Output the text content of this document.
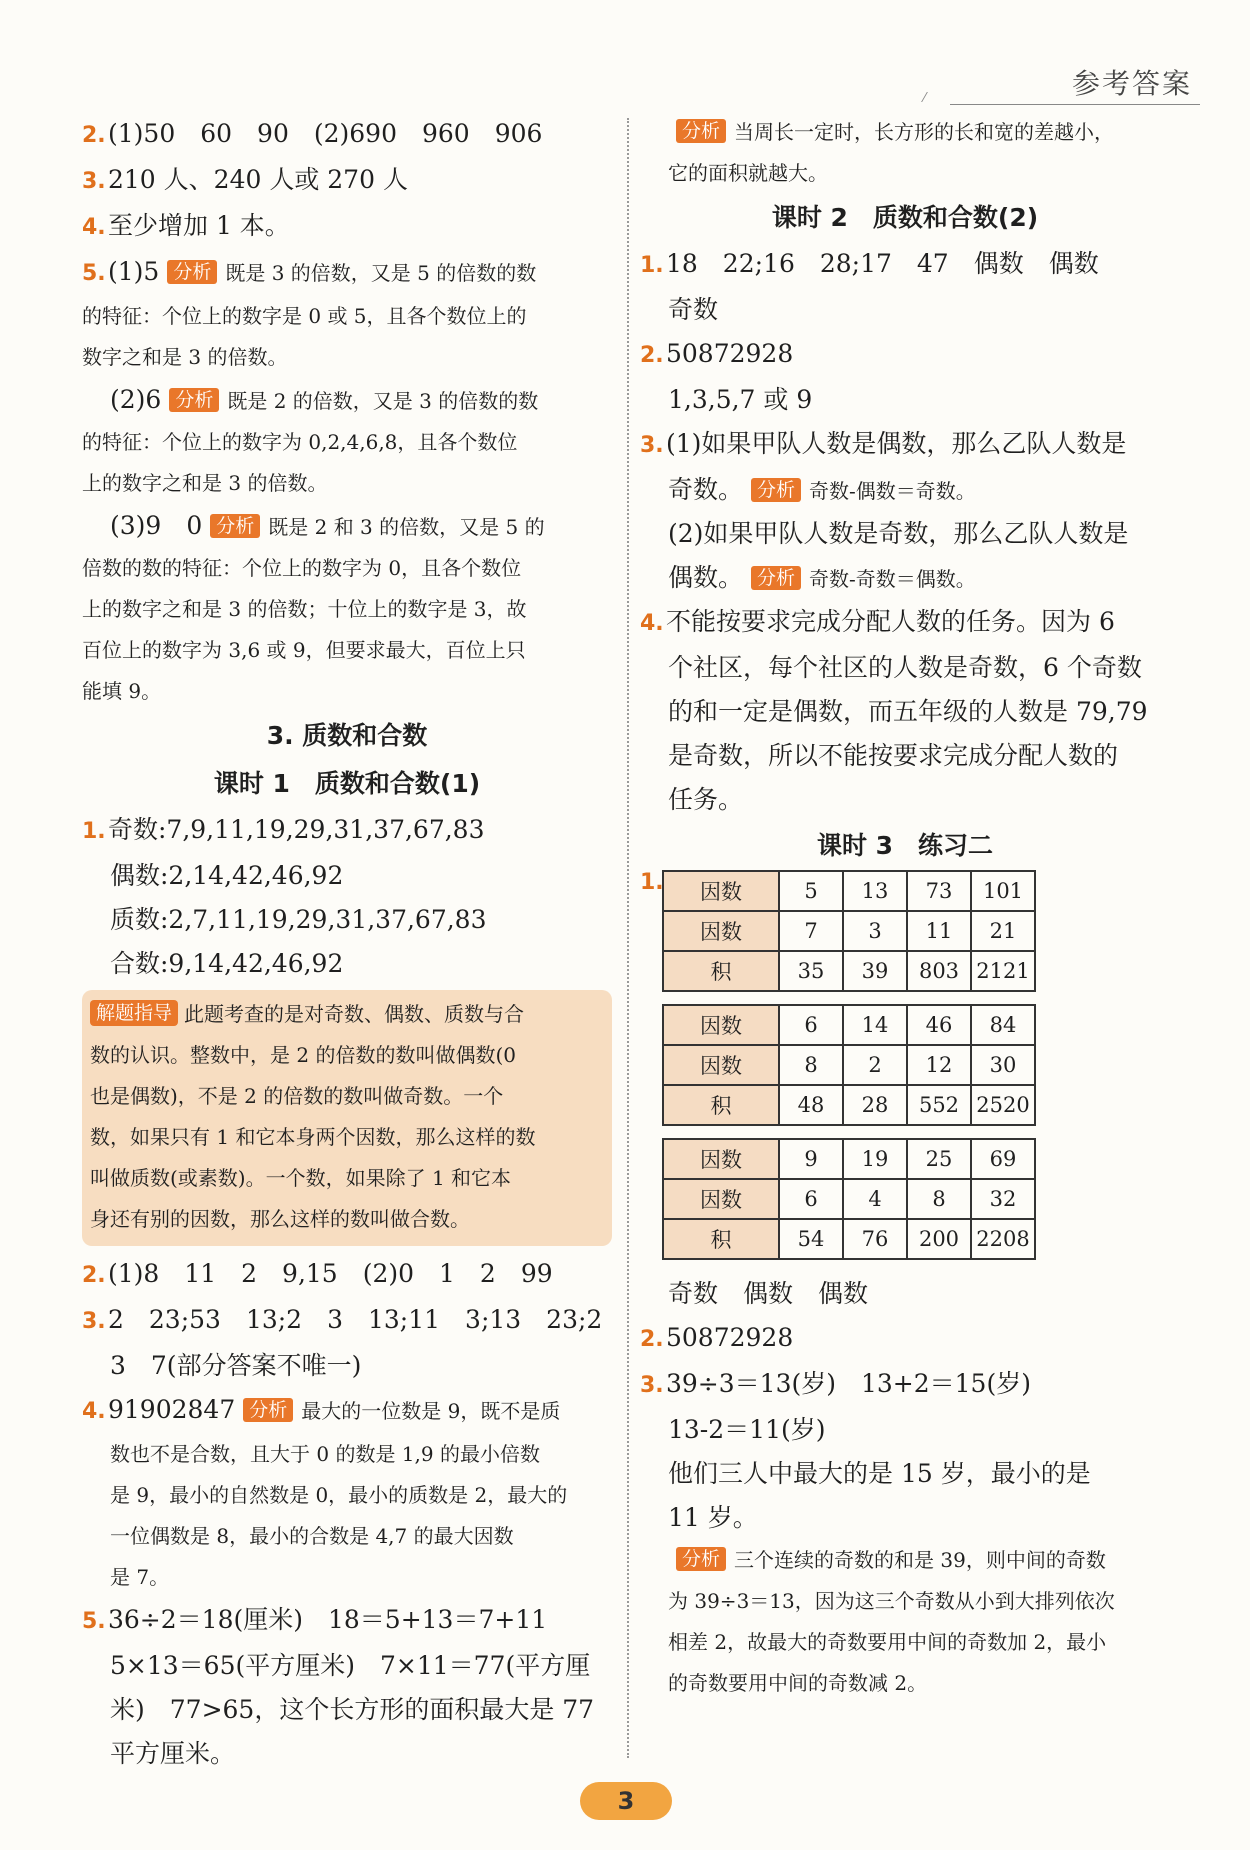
参考答案
2.(1)50　60　90　(2)690　960　906
3.210 人、240 人或 270 人
4.至少增加 1 本。
5.(1)5 分析 既是 3 的倍数，又是 5 的倍数的数
的特征：个位上的数字是 0 或 5，且各个数位上的
数字之和是 3 的倍数。
(2)6 分析 既是 2 的倍数，又是 3 的倍数的数
的特征：个位上的数字为 0,2,4,6,8，且各个数位
上的数字之和是 3 的倍数。
(3)9　0 分析 既是 2 和 3 的倍数，又是 5 的
倍数的数的特征：个位上的数字为 0，且各个数位
上的数字之和是 3 的倍数；十位上的数字是 3，故
百位上的数字为 3,6 或 9，但要求最大，百位上只
能填 9。
3. 质数和合数
课时 1　质数和合数(1)
1.奇数:7,9,11,19,29,31,37,67,83
偶数:2,14,42,46,92
质数:2,7,11,19,29,31,37,67,83
合数:9,14,42,46,92
解题指导 此题考查的是对奇数、偶数、质数与合
数的认识。整数中，是 2 的倍数的数叫做偶数(0
也是偶数)，不是 2 的倍数的数叫做奇数。一个
数，如果只有 1 和它本身两个因数，那么这样的数
叫做质数(或素数)。一个数，如果除了 1 和它本
身还有别的因数，那么这样的数叫做合数。
2.(1)8　11　2　9,15　(2)0　1　2　99
3.2　23;53　13;2　3　13;11　3;13　23;2
3　7(部分答案不唯一)
4.91902847 分析 最大的一位数是 9，既不是质
数也不是合数，且大于 0 的数是 1,9 的最小倍数
是 9，最小的自然数是 0，最小的质数是 2，最大的
一位偶数是 8，最小的合数是 4,7 的最大因数
是 7。
5.36÷2＝18(厘米)　18＝5+13＝7+11
5×13＝65(平方厘米)　7×11＝77(平方厘
米)　77>65，这个长方形的面积最大是 77
平方厘米。
分析 当周长一定时，长方形的长和宽的差越小，
它的面积就越大。
课时 2　质数和合数(2)
1.18　22;16　28;17　47　偶数　偶数
奇数
2.50872928
1,3,5,7 或 9
3.(1)如果甲队人数是偶数，那么乙队人数是
奇数。 分析 奇数-偶数＝奇数。
(2)如果甲队人数是奇数，那么乙队人数是
偶数。 分析 奇数-奇数＝偶数。
4.不能按要求完成分配人数的任务。因为 6
个社区，每个社区的人数是奇数，6 个奇数
的和一定是偶数，而五年级的人数是 79,79
是奇数，所以不能按要求完成分配人数的
任务。
课时 3　练习二
1. 因数	5	13	73	101
因数	7	3	11	21
积	35	39	803	2121
因数	6	14	46	84
因数	8	2	12	30
积	48	28	552	2520
因数	9	19	25	69
因数	6	4	8	32
积	54	76	200	2208
奇数　偶数　偶数
2.50872928
3.39÷3＝13(岁)　13+2＝15(岁)
13-2＝11(岁)
他们三人中最大的是 15 岁，最小的是
11 岁。
分析 三个连续的奇数的和是 39，则中间的奇数
为 39÷3＝13，因为这三个奇数从小到大排列依次
相差 2，故最大的奇数要用中间的奇数加 2，最小
的奇数要用中间的奇数减 2。
3
